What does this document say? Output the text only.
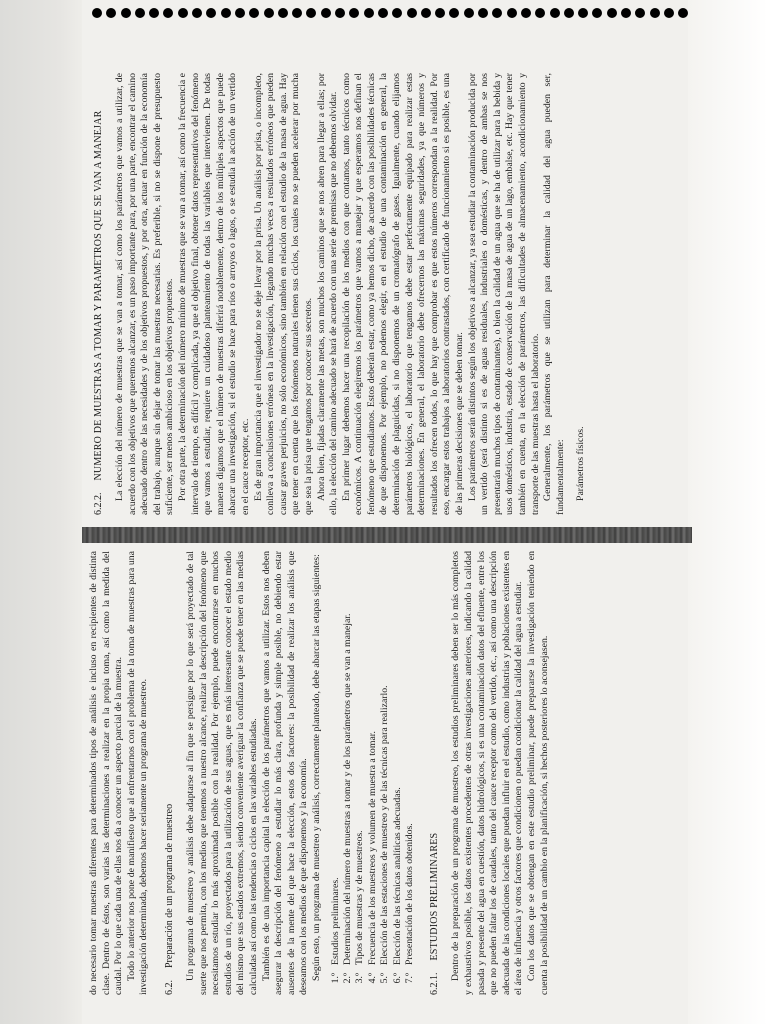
do necesario tomar muestras diferentes para determinados tipos de análisis e incluso en recipientes de distinta clase. Dentro de éstos, son varias las determinaciones a realizar en la propia toma, así como la medida del caudal. Por lo que cada una de ellas nos da a conocer un aspecto parcial de la muestra. Todo lo anterior nos pone de manifiesto que al enfrentarnos con el problema de la toma de muestras para una investigación determinada, debemos hacer seriamente un programa de muestreo. 6.2.
Preparación de un programa de muestreo Un programa de muestreo y análisis debe adaptarse al fin que se persigue por lo que será proyectado de tal suerte que nos permita, con los medios que tenemos a nuestro alcance, realizar la descripción del fenómeno que necesitamos estudiar lo más aproximada posible con la realidad. Por ejemplo, puede encontrarse en muchos estudios de un río, proyectados para la utilización de sus aguas, que es más interesante conocer el estado medio del mismo que sus estados extremos, siendo conveniente averiguar la confianza que se puede tener en las medias calculadas así como las tendencias o ciclos en las variables estudiadas. También es de una importancia capital la elección de los parámetros que vamos a utilizar. Estos nos deben asegurar la descripción del fenómeno a estudiar lo más clara, profunda y simple posible, no debiendo estar ausentes de la mente del que hace la elección, estos dos factores: la posibilidad de realizar los análisis que deseamos con los medios de que disponemos y la economía. Según esto, un programa de muestreo y análisis, correctamente planteado, debe abarcar las etapas siguientes: 1.º
Estudios preliminares.
2.º
Determinación del número de muestras a tomar y de los parámetros que se van a manejar.
3.º
Tipos de muestras y de muestreos.
4.º
Frecuencia de los muestreos y volumen de muestra a tomar.
5.º
Elección de las estaciones de muestreo y de las técnicas para realizarlo.
6.º
Elección de las técnicas analíticas adecuadas.
7.º
Presentación de los datos obtenidos.
6.2.1.
ESTUDIOS PRELIMINARES Dentro de la preparación de un programa de muestreo, los estudios preliminares deben ser lo más completos y exhaustivos posible, los datos existentes procedentes de otras investigaciones anteriores, indicando la calidad pasada y presente del agua en cuestión, datos hidrológicos, si es una contaminación datos del efluente, entre los que no pueden faltar los de caudales, tanto del cauce receptor como del vertido, etc., así como una descripción adecuada de las condiciones locales que puedan influir en el estudio, como industrias y poblaciones existentes en el área de influencia y otros factores que condicionen o puedan condicionar la calidad del agua a estudiar. Con los datos que se obtengan en este estudio preliminar, puede prepararse la investigación teniendo en cuenta la posibilidad de un cambio en la planificación, si hechos posteriores lo aconsejasen.

6.2.2.
NUMERO DE MUESTRAS A TOMAR Y PARAMETROS QUE SE VAN A MANEJAR La elección del número de muestras que se van a tomar, así como los parámetros que vamos a utilizar, de acuerdo con los objetivos que queremos alcanzar, es un paso importante para, por una parte, encontrar el camino adecuado dentro de las necesidades y de los objetivos propuestos, y por otra, actuar en función de la economía del trabajo, aunque sin dejar de tomar las muestras necesarias. Es preferible, si no se dispone de presupuesto suficiente, ser menos ambicioso en los objetivos propuestos. Por otra parte, la determinación del número mínimo de muestras que se van a tomar, así como la frecuencia e intervalo de tiempo, es difícil y complicada, ya que el objetivo final, obtener datos representativos del fenómeno que vamos a estudiar, requiere un cuidadoso planteamiento de todas las variables que intervienen. De todas maneras digamos que el número de muestras diferirá notablemente, dentro de los múltiples aspectos que puede abarcar una investigación, si el estudio se hace para ríos o arroyos o lagos, o se estudia la acción de un vertido en el cauce receptor, etc. Es de gran importancia que el investigador no se deje llevar por la prisa. Un análisis por prisa, o incompleto, conlleva a conclusiones erróneas en la investigación, llegando muchas veces a resultados erróneos que pueden causar graves perjuicios, no sólo económicos, sino también en relación con el estudio de la masa de agua. Hay que tener en cuenta que los fenómenos naturales tienen sus ciclos, los cuales no se pueden acelerar por mucha que sea la prisa que tengamos por conocer sus secretos. Ahora bien, fijadas claramente las metas, son muchos los caminos que se nos abren para llegar a ellas; por ello, la elección del camino adecuado se hará de acuerdo con una serie de premisas que no debemos olvidar. En primer lugar debemos hacer una recopilación de los medios con que contamos, tanto técnicos como económicos. A continuación elegiremos los parámetros que vamos a manejar y que esperamos nos definan el fenómeno que estudiamos. Estos deberán estar, como ya hemos dicho, de acuerdo con las posibilidades técnicas de que disponemos. Por ejemplo, no podemos elegir, en el estudio de una contaminación en general, la determinación de plaguicidas, si no disponemos de un cromatógrafo de gases. Igualmente, cuando elijamos parámetros biológicos, el laboratorio que tengamos debe estar perfectamente equipado para realizar estas determinaciones. En general, el laboratorio debe ofrecernos las máximas seguridades, ya que números y resultados los ofrecen todos, lo que hay que comprobar es que estos números correspondan a la realidad. Por eso, encargar estos trabajos a laboratorios contrastados, con certificado de funcionamiento si es posible, es una de las primeras decisiones que se deben tomar. Los parámetros serán distintos según los objetivos a alcanzar, ya sea estudiar la contaminación producida por un vertido (será distinto si es de aguas residuales, industriales o domésticas, y dentro de ambas se nos presentarán muchos tipos de contaminantes), o bien la calidad de un agua que se ha de utilizar para la bebida y usos domésticos, industria, estado de conservación de la masa de agua de un lago, embalse, etc. Hay que tener también en cuenta, en la elección de parámetros, las dificultades de almacenamiento, acondicionamiento y transporte de las muestras hasta el laboratorio. Generalmente, los parámetros que se utilizan para determinar la calidad del agua pueden ser, fundamentalmente: Parámetros físicos.
